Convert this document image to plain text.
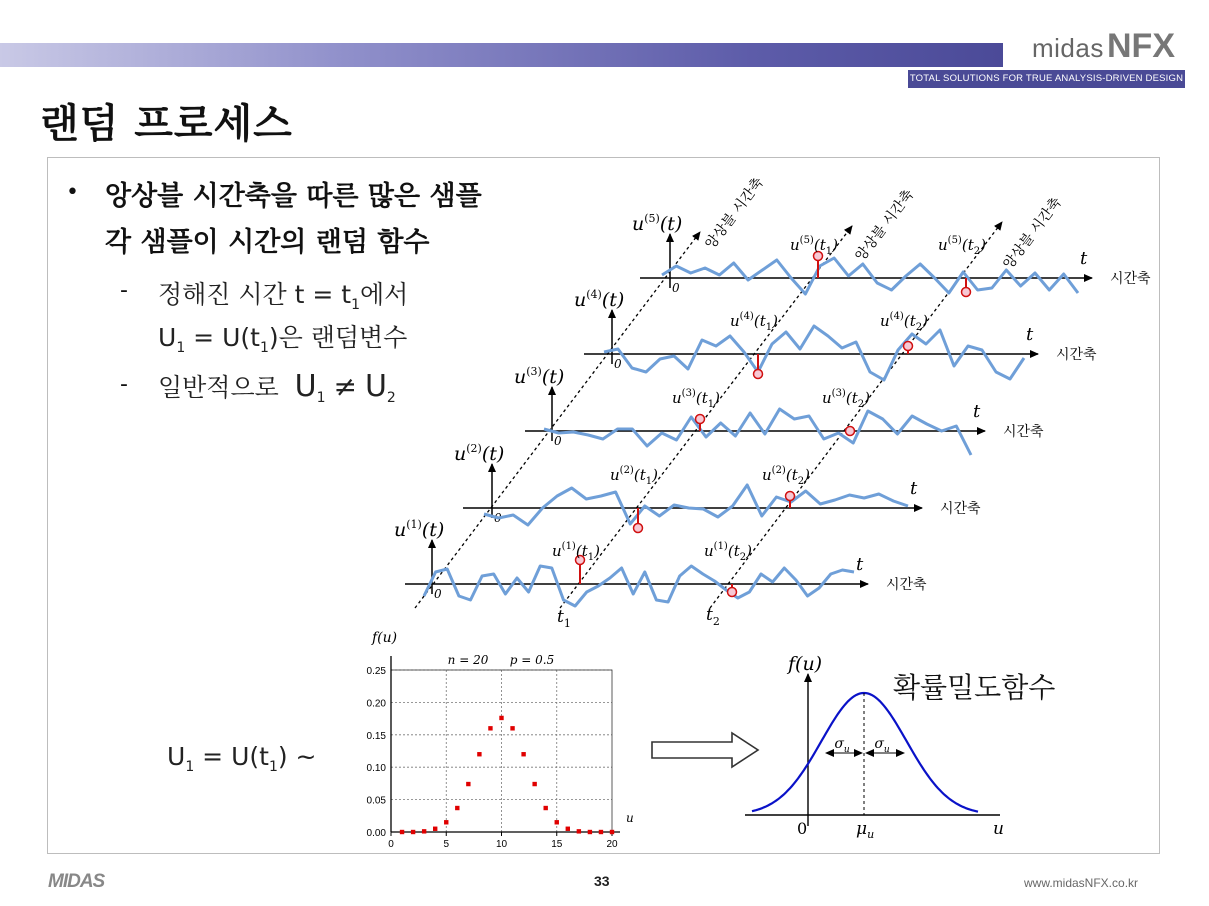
midas NFX
TOTAL SOLUTIONS FOR TRUE ANALYSIS-DRIVEN DESIGN
랜덤 프로세스
• 앙상블 시간축을 따른 많은 샘플
각 샘플이 시간의 랜덤 함수
- 정해진 시간 $t = t_1$에서
$U_1 = U(t_1)$은 랜덤변수
- 일반적으로 $U_1 \ne U_2$
$U_1 = U(t_1)$ ~
확률밀도함수
앙상블 시간축	앙상블 시간축	앙상블 시간축 t
시간축
0
$u^{(5)}(t)$
$u^{(5)}(t_1)$	$u^{(5)}(t_2)$
t
시간축
0
$u^{(4)}(t)$
$u^{(4)}(t_1)$	$u^{(4)}(t_2)$
t
시간축
0
$u^{(3)}(t)$
$u^{(3)}(t_1)$	$u^{(3)}(t_2)$
t
시간축
0
$u^{(2)}(t)$
$u^{(2)}(t_1)$	$u^{(2)}(t_2)$
t
시간축
0
$u^{(1)}(t)$
$u^{(1)}(t_1)$	$u^{(1)}(t_2)$
$t_1$	$t_2$
0	5	10	15	20
0.00
0.05
0.10
0.15
0.20
0.25
f(u)
u
n = 20 p = 0.5
$\sigma_u$ $\sigma_u$
f(u)
0	u
$\mu_u$
MIDAS	33	www.midasNFX.co.kr
